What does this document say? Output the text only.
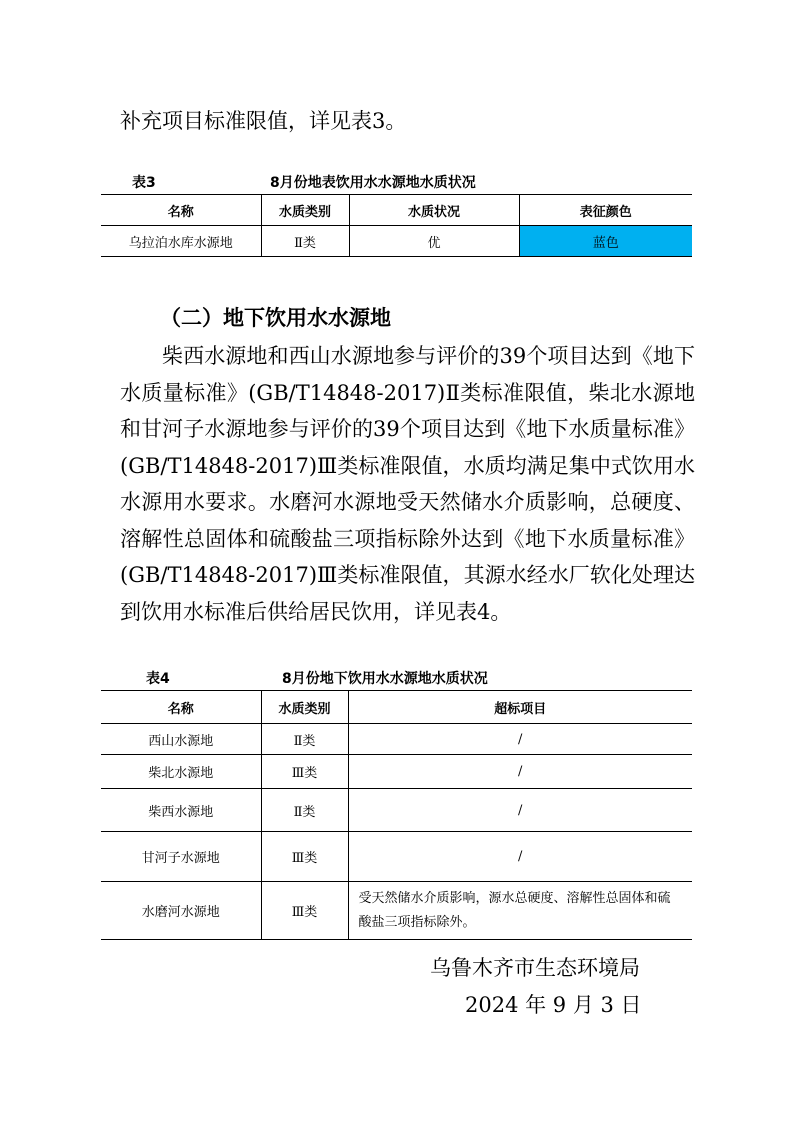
补充项目标准限值，详见表3。

表3	8月份地表饮用水水源地水质状况
名称	水质类别	水质状况	表征颜色
乌拉泊水库水源地	Ⅱ类	优	蓝色
（二）地下饮用水水源地

柴西水源地和西山水源地参与评价的39个项目达到《地下水质量标准》(GB/T14848-2017)Ⅱ类标准限值，柴北水源地和甘河子水源地参与评价的39个项目达到《地下水质量标准》(GB/T14848-2017)Ⅲ类标准限值，水质均满足集中式饮用水水源用水要求。水磨河水源地受天然储水介质影响，总硬度、溶解性总固体和硫酸盐三项指标除外达到《地下水质量标准》(GB/T14848-2017)Ⅲ类标准限值，其源水经水厂软化处理达到饮用水标准后供给居民饮用，详见表4。

表4	8月份地下饮用水水源地水质状况
名称	水质类别	超标项目
西山水源地	Ⅱ类	/
柴北水源地	Ⅲ类	/
柴西水源地	Ⅱ类	/
甘河子水源地	Ⅲ类	/
水磨河水源地	Ⅲ类	受天然储水介质影响，源水总硬度、溶解性总固体和硫酸盐三项指标除外。
乌鲁木齐市生态环境局
2024 年 9 月 3 日
